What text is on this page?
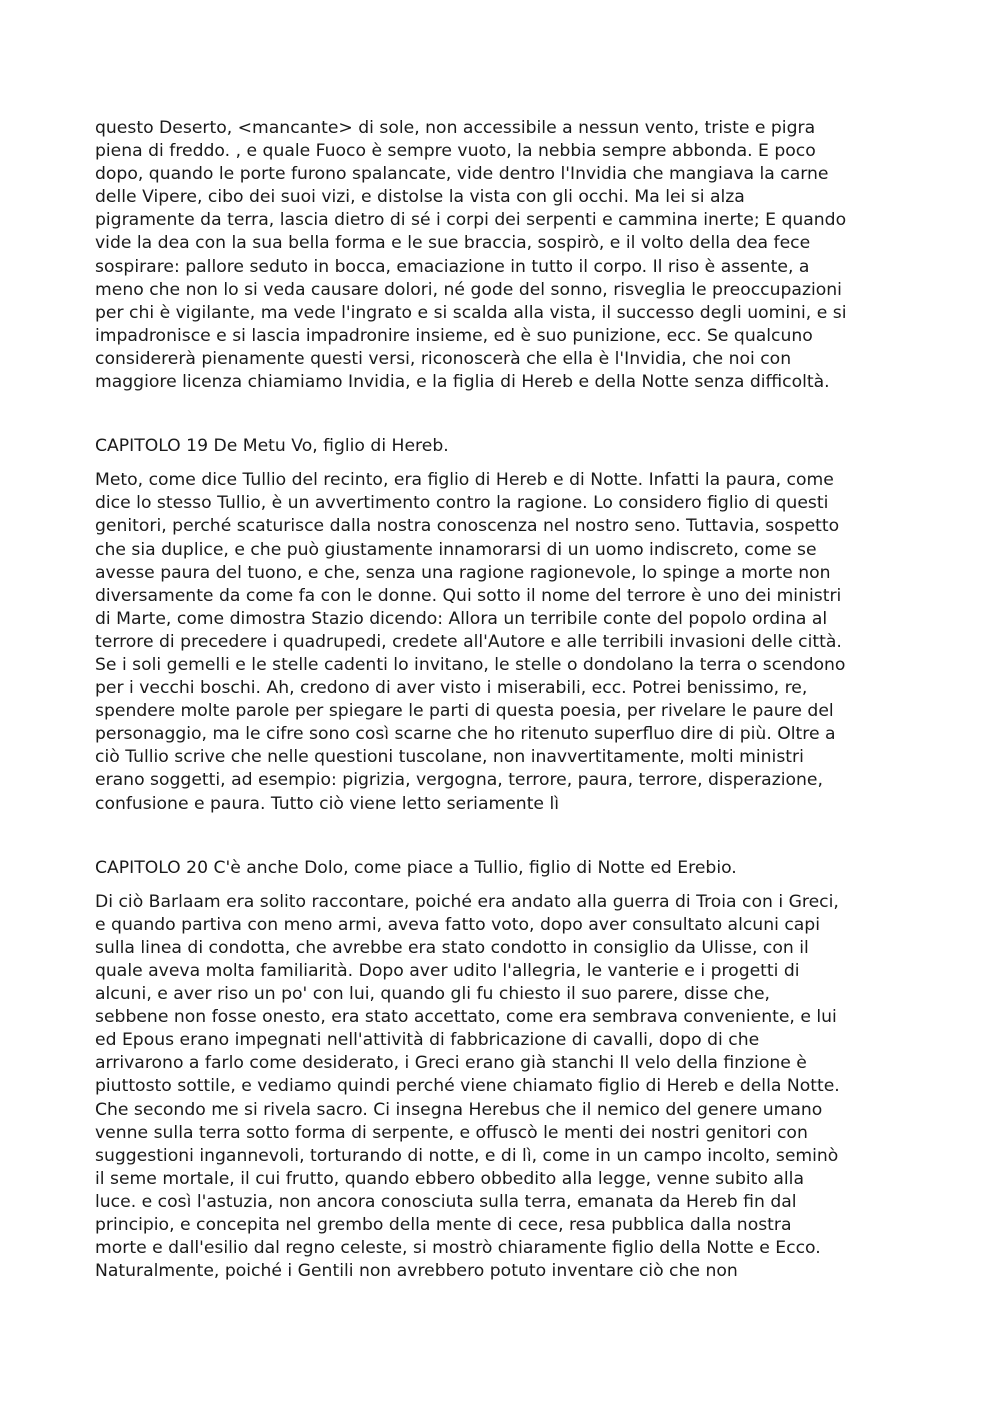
questo Deserto, <mancante> di sole, non accessibile a nessun vento, triste e pigra
piena di freddo. , e quale Fuoco è sempre vuoto, la nebbia sempre abbonda. E poco
dopo, quando le porte furono spalancate, vide dentro l'Invidia che mangiava la carne
delle Vipere, cibo dei suoi vizi, e distolse la vista con gli occhi. Ma lei si alza
pigramente da terra, lascia dietro di sé i corpi dei serpenti e cammina inerte; E quando
vide la dea con la sua bella forma e le sue braccia, sospirò, e il volto della dea fece
sospirare: pallore seduto in bocca, emaciazione in tutto il corpo. Il riso è assente, a
meno che non lo si veda causare dolori, né gode del sonno, risveglia le preoccupazioni
per chi è vigilante, ma vede l'ingrato e si scalda alla vista, il successo degli uomini, e si
impadronisce e si lascia impadronire insieme, ed è suo punizione, ecc. Se qualcuno
considererà pienamente questi versi, riconoscerà che ella è l'Invidia, che noi con
maggiore licenza chiamiamo Invidia, e la figlia di Hereb e della Notte senza difficoltà.

CAPITOLO 19 De Metu Vo, figlio di Hereb.

Meto, come dice Tullio del recinto, era figlio di Hereb e di Notte. Infatti la paura, come
dice lo stesso Tullio, è un avvertimento contro la ragione. Lo considero figlio di questi
genitori, perché scaturisce dalla nostra conoscenza nel nostro seno. Tuttavia, sospetto
che sia duplice, e che può giustamente innamorarsi di un uomo indiscreto, come se
avesse paura del tuono, e che, senza una ragione ragionevole, lo spinge a morte non
diversamente da come fa con le donne. Qui sotto il nome del terrore è uno dei ministri
di Marte, come dimostra Stazio dicendo: Allora un terribile conte del popolo ordina al
terrore di precedere i quadrupedi, credete all'Autore e alle terribili invasioni delle città.
Se i soli gemelli e le stelle cadenti lo invitano, le stelle o dondolano la terra o scendono
per i vecchi boschi. Ah, credono di aver visto i miserabili, ecc. Potrei benissimo, re,
spendere molte parole per spiegare le parti di questa poesia, per rivelare le paure del
personaggio, ma le cifre sono così scarne che ho ritenuto superfluo dire di più. Oltre a
ciò Tullio scrive che nelle questioni tuscolane, non inavvertitamente, molti ministri
erano soggetti, ad esempio: pigrizia, vergogna, terrore, paura, terrore, disperazione,
confusione e paura. Tutto ciò viene letto seriamente lì

CAPITOLO 20 C'è anche Dolo, come piace a Tullio, figlio di Notte ed Erebio.

Di ciò Barlaam era solito raccontare, poiché era andato alla guerra di Troia con i Greci,
e quando partiva con meno armi, aveva fatto voto, dopo aver consultato alcuni capi
sulla linea di condotta, che avrebbe era stato condotto in consiglio da Ulisse, con il
quale aveva molta familiarità. Dopo aver udito l'allegria, le vanterie e i progetti di
alcuni, e aver riso un po' con lui, quando gli fu chiesto il suo parere, disse che,
sebbene non fosse onesto, era stato accettato, come era sembrava conveniente, e lui
ed Epous erano impegnati nell'attività di fabbricazione di cavalli, dopo di che
arrivarono a farlo come desiderato, i Greci erano già stanchi Il velo della finzione è
piuttosto sottile, e vediamo quindi perché viene chiamato figlio di Hereb e della Notte.
Che secondo me si rivela sacro. Ci insegna Herebus che il nemico del genere umano
venne sulla terra sotto forma di serpente, e offuscò le menti dei nostri genitori con
suggestioni ingannevoli, torturando di notte, e di lì, come in un campo incolto, seminò
il seme mortale, il cui frutto, quando ebbero obbedito alla legge, venne subito alla
luce. e così l'astuzia, non ancora conosciuta sulla terra, emanata da Hereb fin dal
principio, e concepita nel grembo della mente di cece, resa pubblica dalla nostra
morte e dall'esilio dal regno celeste, si mostrò chiaramente figlio della Notte e Ecco.
Naturalmente, poiché i Gentili non avrebbero potuto inventare ciò che non
